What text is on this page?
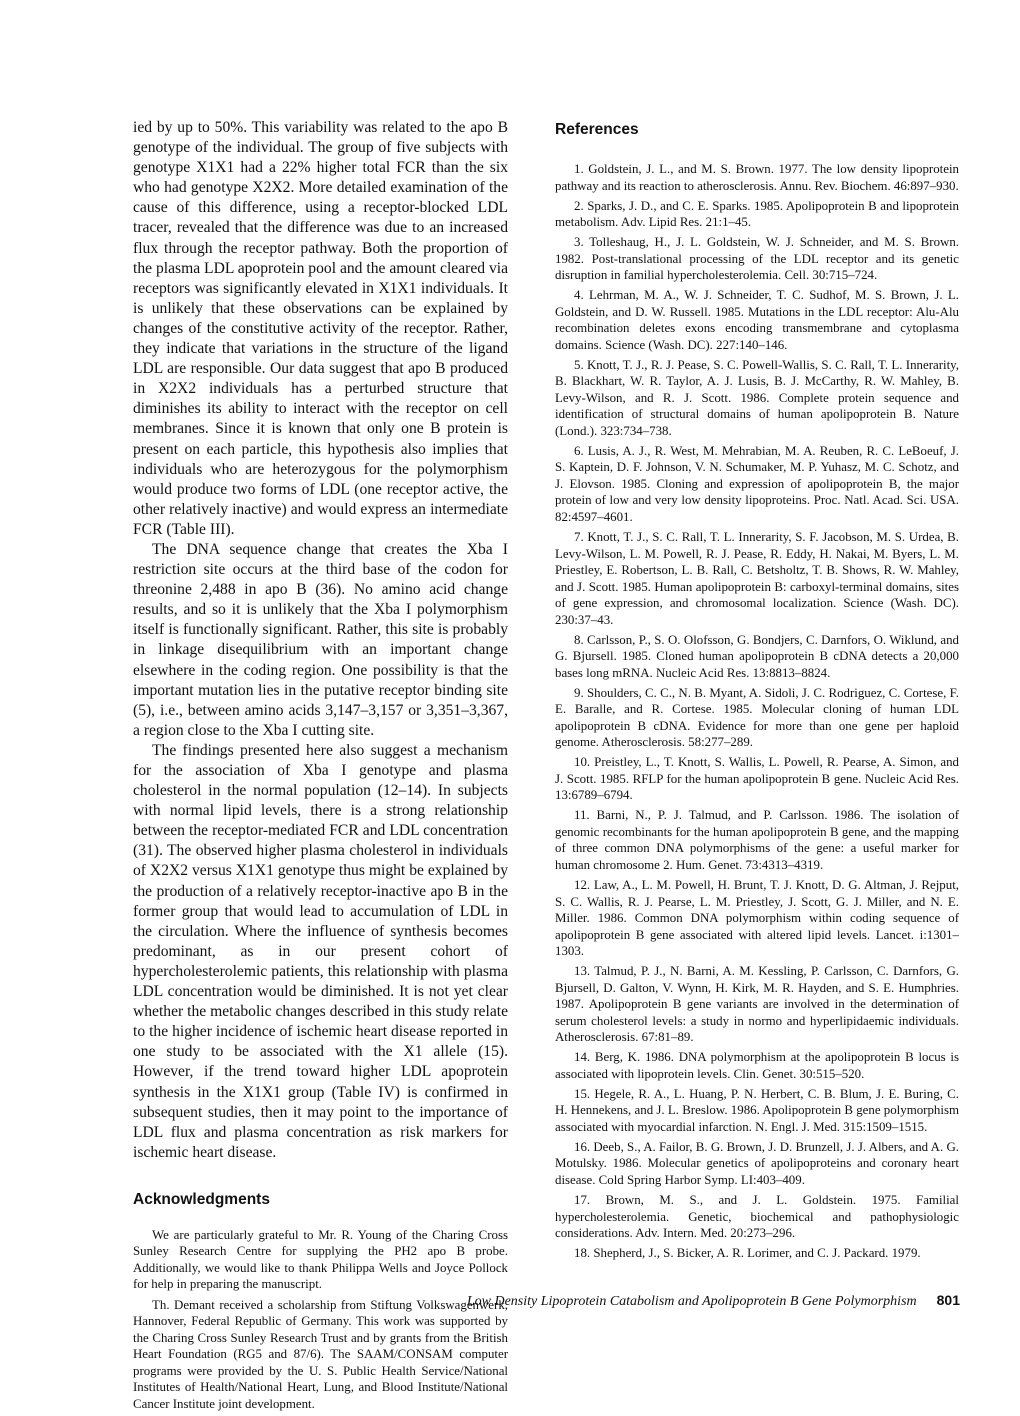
ied by up to 50%. This variability was related to the apo B genotype of the individual. The group of five subjects with genotype X1X1 had a 22% higher total FCR than the six who had genotype X2X2. More detailed examination of the cause of this difference, using a receptor-blocked LDL tracer, revealed that the difference was due to an increased flux through the receptor pathway. Both the proportion of the plasma LDL apoprotein pool and the amount cleared via receptors was significantly elevated in X1X1 individuals. It is unlikely that these observations can be explained by changes of the constitutive activity of the receptor. Rather, they indicate that variations in the structure of the ligand LDL are responsible. Our data suggest that apo B produced in X2X2 individuals has a perturbed structure that diminishes its ability to interact with the receptor on cell membranes. Since it is known that only one B protein is present on each particle, this hypothesis also implies that individuals who are heterozygous for the polymorphism would produce two forms of LDL (one receptor active, the other relatively inactive) and would express an intermediate FCR (Table III).

The DNA sequence change that creates the Xba I restriction site occurs at the third base of the codon for threonine 2,488 in apo B (36). No amino acid change results, and so it is unlikely that the Xba I polymorphism itself is functionally significant. Rather, this site is probably in linkage disequilibrium with an important change elsewhere in the coding region. One possibility is that the important mutation lies in the putative receptor binding site (5), i.e., between amino acids 3,147–3,157 or 3,351–3,367, a region close to the Xba I cutting site.

The findings presented here also suggest a mechanism for the association of Xba I genotype and plasma cholesterol in the normal population (12–14). In subjects with normal lipid levels, there is a strong relationship between the receptor-mediated FCR and LDL concentration (31). The observed higher plasma cholesterol in individuals of X2X2 versus X1X1 genotype thus might be explained by the production of a relatively receptor-inactive apo B in the former group that would lead to accumulation of LDL in the circulation. Where the influence of synthesis becomes predominant, as in our present cohort of hypercholesterolemic patients, this relationship with plasma LDL concentration would be diminished. It is not yet clear whether the metabolic changes described in this study relate to the higher incidence of ischemic heart disease reported in one study to be associated with the X1 allele (15). However, if the trend toward higher LDL apoprotein synthesis in the X1X1 group (Table IV) is confirmed in subsequent studies, then it may point to the importance of LDL flux and plasma concentration as risk markers for ischemic heart disease.

Acknowledgments

We are particularly grateful to Mr. R. Young of the Charing Cross Sunley Research Centre for supplying the PH2 apo B probe. Additionally, we would like to thank Philippa Wells and Joyce Pollock for help in preparing the manuscript.

Th. Demant received a scholarship from Stiftung Volkswagenwerk, Hannover, Federal Republic of Germany. This work was supported by the Charing Cross Sunley Research Trust and by grants from the British Heart Foundation (RG5 and 87/6). The SAAM/CONSAM computer programs were provided by the U. S. Public Health Service/National Institutes of Health/National Heart, Lung, and Blood Institute/National Cancer Institute joint development.

References
1 . Goldstein, J. L., and M. S. Brown. 1977. The low density lipoprotein pathway and its reaction to atherosclerosis. Annu. Rev. Biochem. 46:897–930.
2 . Sparks, J. D., and C. E. Sparks. 1985. Apolipoprotein B and lipoprotein metabolism. Adv. Lipid Res. 21:1–45.
3 . Tolleshaug, H., J. L. Goldstein, W. J. Schneider, and M. S. Brown. 1982. Post-translational processing of the LDL receptor and its genetic disruption in familial hypercholesterolemia. Cell. 30:715–724.
4 . Lehrman, M. A., W. J. Schneider, T. C. Sudhof, M. S. Brown, J. L. Goldstein, and D. W. Russell. 1985. Mutations in the LDL receptor: Alu-Alu recombination deletes exons encoding transmembrane and cytoplasma domains. Science (Wash. DC). 227:140–146.
5 . Knott, T. J., R. J. Pease, S. C. Powell-Wallis, S. C. Rall, T. L. Innerarity, B. Blackhart, W. R. Taylor, A. J. Lusis, B. J. McCarthy, R. W. Mahley, B. Levy-Wilson, and R. J. Scott. 1986. Complete protein sequence and identification of structural domains of human apolipoprotein B. Nature (Lond.). 323:734–738.
6 . Lusis, A. J., R. West, M. Mehrabian, M. A. Reuben, R. C. LeBoeuf, J. S. Kaptein, D. F. Johnson, V. N. Schumaker, M. P. Yuhasz, M. C. Schotz, and J. Elovson. 1985. Cloning and expression of apolipoprotein B, the major protein of low and very low density lipoproteins. Proc. Natl. Acad. Sci. USA. 82:4597–4601.
7 . Knott, T. J., S. C. Rall, T. L. Innerarity, S. F. Jacobson, M. S. Urdea, B. Levy-Wilson, L. M. Powell, R. J. Pease, R. Eddy, H. Nakai, M. Byers, L. M. Priestley, E. Robertson, L. B. Rall, C. Betsholtz, T. B. Shows, R. W. Mahley, and J. Scott. 1985. Human apolipoprotein B: carboxyl-terminal domains, sites of gene expression, and chromosomal localization. Science (Wash. DC). 230:37–43.
8 . Carlsson, P., S. O. Olofsson, G. Bondjers, C. Darnfors, O. Wiklund, and G. Bjursell. 1985. Cloned human apolipoprotein B cDNA detects a 20,000 bases long mRNA. Nucleic Acid Res. 13:8813–8824.
9 . Shoulders, C. C., N. B. Myant, A. Sidoli, J. C. Rodriguez, C. Cortese, F. E. Baralle, and R. Cortese. 1985. Molecular cloning of human LDL apolipoprotein B cDNA. Evidence for more than one gene per haploid genome. Atherosclerosis. 58:277–289.
10 . Preistley, L., T. Knott, S. Wallis, L. Powell, R. Pearse, A. Simon, and J. Scott. 1985. RFLP for the human apolipoprotein B gene. Nucleic Acid Res. 13:6789–6794.
11 . Barni, N., P. J. Talmud, and P. Carlsson. 1986. The isolation of genomic recombinants for the human apolipoprotein B gene, and the mapping of three common DNA polymorphisms of the gene: a useful marker for human chromosome 2. Hum. Genet. 73:4313–4319.
12 . Law, A., L. M. Powell, H. Brunt, T. J. Knott, D. G. Altman, J. Rejput, S. C. Wallis, R. J. Pearse, L. M. Priestley, J. Scott, G. J. Miller, and N. E. Miller. 1986. Common DNA polymorphism within coding sequence of apolipoprotein B gene associated with altered lipid levels. Lancet. i:1301–1303.
13 . Talmud, P. J., N. Barni, A. M. Kessling, P. Carlsson, C. Darnfors, G. Bjursell, D. Galton, V. Wynn, H. Kirk, M. R. Hayden, and S. E. Humphries. 1987. Apolipoprotein B gene variants are involved in the determination of serum cholesterol levels: a study in normo and hyperlipidaemic individuals. Atherosclerosis. 67:81–89.
14 . Berg, K. 1986. DNA polymorphism at the apolipoprotein B locus is associated with lipoprotein levels. Clin. Genet. 30:515–520.
15 . Hegele, R. A., L. Huang, P. N. Herbert, C. B. Blum, J. E. Buring, C. H. Hennekens, and J. L. Breslow. 1986. Apolipoprotein B gene polymorphism associated with myocardial infarction. N. Engl. J. Med. 315:1509–1515.
16 . Deeb, S., A. Failor, B. G. Brown, J. D. Brunzell, J. J. Albers, and A. G. Motulsky. 1986. Molecular genetics of apolipoproteins and coronary heart disease. Cold Spring Harbor Symp. LI:403–409.
17 . Brown, M. S., and J. L. Goldstein. 1975. Familial hypercholesterolemia. Genetic, biochemical and pathophysiologic considerations. Adv. Intern. Med. 20:273–296.
18 . Shepherd, J., S. Bicker, A. R. Lorimer, and C. J. Packard. 1979.
Low Density Lipoprotein Catabolism and Apolipoprotein B Gene Polymorphism 801
